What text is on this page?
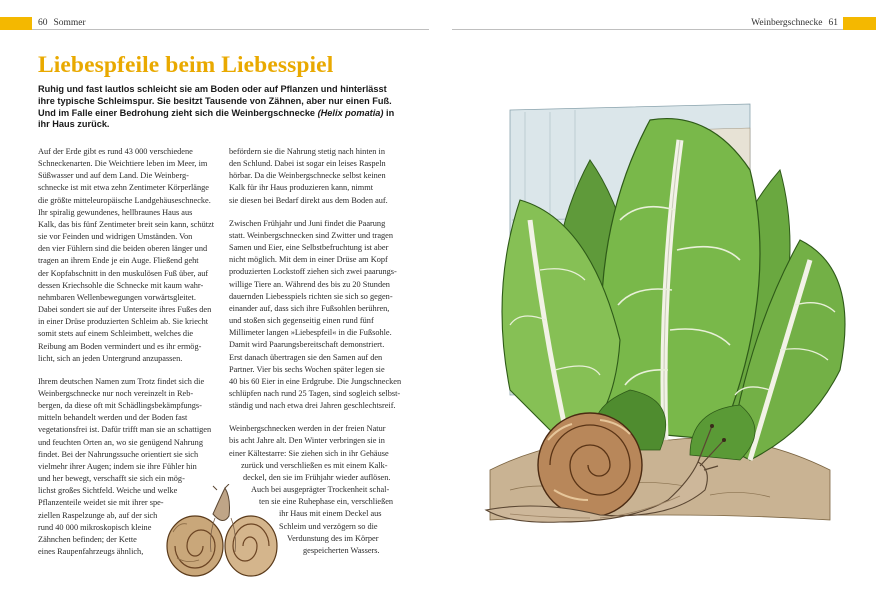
60 Sommer	Weinbergschnecke 61
Liebespfeile beim Liebesspiel

Ruhig und fast lautlos schleicht sie am Boden oder auf Pflanzen und hinterlässt ihre typische Schleimspur. Sie besitzt Tausende von Zähnen, aber nur einen Fuß.
Und im Falle einer Bedrohung zieht sich die Weinbergschnecke (Helix pomatia) in ihr Haus zurück.

Auf der Erde gibt es rund 43 000 verschiedene
Schneckenarten. Die Weichtiere leben im Meer, im
Süßwasser und auf dem Land. Die Weinberg-
schnecke ist mit etwa zehn Zentimeter Körperlänge
die größte mitteleuropäische Landgehäuseschnecke.
Ihr spiralig gewundenes, hellbraunes Haus aus
Kalk, das bis fünf Zentimeter breit sein kann, schützt
sie vor Feinden und widrigen Umständen. Von
den vier Fühlern sind die beiden oberen länger und
tragen an ihrem Ende je ein Auge. Fließend geht
der Kopfabschnitt in den muskulösen Fuß über, auf
dessen Kriechsohle die Schnecke mit kaum wahr-
nehmbaren Wellenbewegungen vorwärtsgleitet.
Dabei sondert sie auf der Unterseite ihres Fußes den
in einer Drüse produzierten Schleim ab. Sie kriecht
somit stets auf einem Schleimbett, welches die
Reibung am Boden vermindert und es ihr ermög-
licht, sich an jeden Untergrund anzupassen.

Ihrem deutschen Namen zum Trotz findet sich die
Weinbergschnecke nur noch vereinzelt in Reb-
bergen, da diese oft mit Schädlingsbekämpfungs-
mitteln behandelt werden und der Boden fast
vegetationsfrei ist. Dafür trifft man sie an schattigen
und feuchten Orten an, wo sie genügend Nahrung
findet. Bei der Nahrungssuche orientiert sie sich
vielmehr ihrer Augen; indem sie ihre Fühler hin
und her bewegt, verschafft sie sich ein mög-
lichst großes Sichtfeld. Weiche und welke
Pflanzenteile weidet sie mit ihrer spe-
ziellen Raspelzunge ab, auf der sich
rund 40 000 mikroskopisch kleine
Zähnchen befinden; der Kette
eines Raupenfahrzeugs ähnlich,

befördern sie die Nahrung stetig nach hinten in
den Schlund. Dabei ist sogar ein leises Raspeln
hörbar. Da die Weinbergschnecke selbst keinen
Kalk für ihr Haus produzieren kann, nimmt
sie diesen bei Bedarf direkt aus dem Boden auf.

Zwischen Frühjahr und Juni findet die Paarung
statt. Weinbergschnecken sind Zwitter und tragen
Samen und Eier, eine Selbstbefruchtung ist aber
nicht möglich. Mit dem in einer Drüse am Kopf
produzierten Lockstoff ziehen sich zwei paarungs-
willige Tiere an. Während des bis zu 20 Stunden
dauernden Liebesspiels richten sie sich so gegen-
einander auf, dass sich ihre Fußsohlen berühren,
und stoßen sich gegenseitig einen rund fünf
Millimeter langen »Liebespfeil« in die Fußsohle.
Damit wird Paarungsbereitschaft demonstriert.
Erst danach übertragen sie den Samen auf den
Partner. Vier bis sechs Wochen später legen sie
40 bis 60 Eier in eine Erdgrube. Die Jungschnecken
schlüpfen nach rund 25 Tagen, sind sogleich selbst-
ständig und nach etwa drei Jahren geschlechtsreif.

Weinbergschnecken werden in der freien Natur
bis acht Jahre alt. Den Winter verbringen sie in
einer Kältestarre: Sie ziehen sich in ihr Gehäuse
zurück und verschließen es mit einem Kalk-
deckel, den sie im Frühjahr wieder auflösen.
Auch bei ausgeprägter Trockenheit schal-
ten sie eine Ruhephase ein, verschließen
ihr Haus mit einem Deckel aus
Schleim und verzögern so die
Verdunstung des im Körper
gespeicherten Wassers.
